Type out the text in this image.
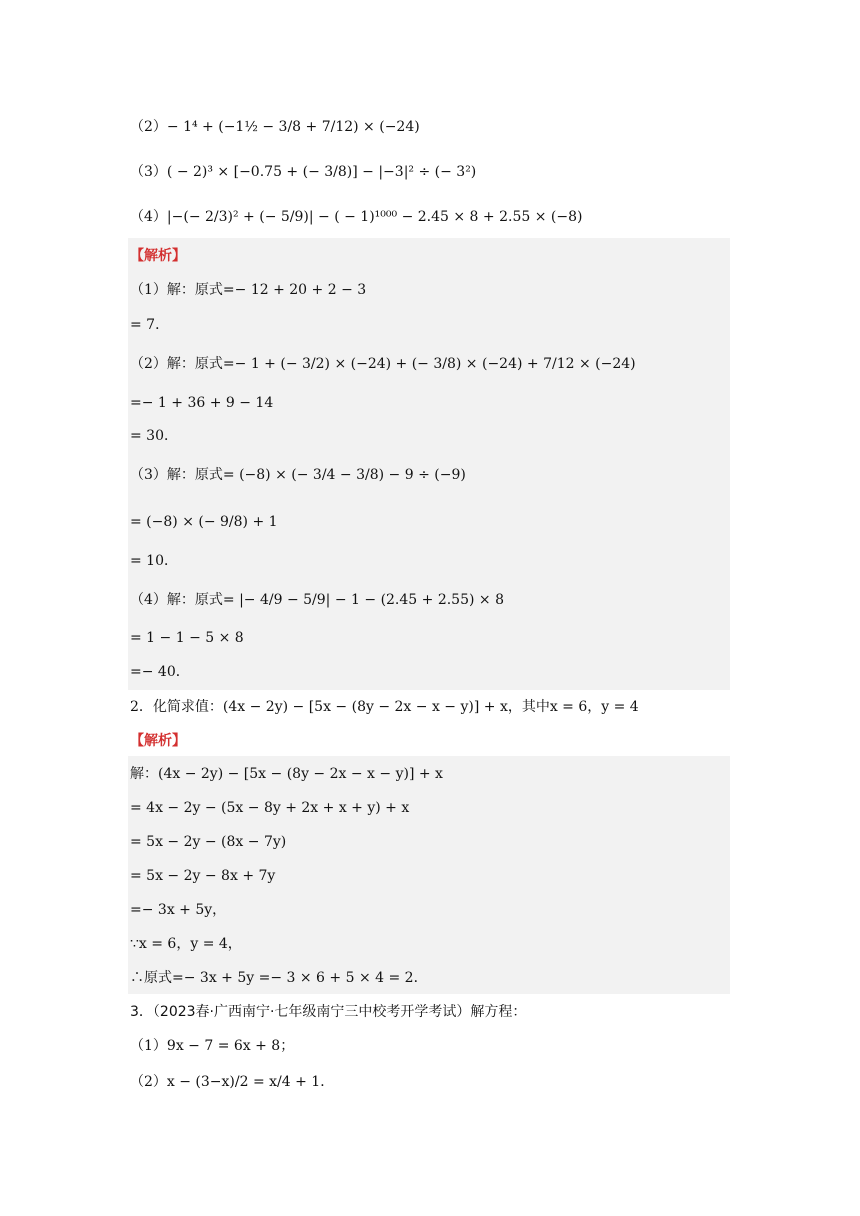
（2）− 1⁴ + (−1½ − 3/8 + 7/12) × (−24)
（3）( − 2)³ × [−0.75 + (− 3/8)] − |−3|² ÷ (− 3²)
（4）|−(− 2/3)² + (− 5/9)| − ( − 1)¹⁰⁰⁰ − 2.45 × 8 + 2.55 × (−8)
【解析】
（1）解：原式=− 12 + 20 + 2 − 3
= 7．
（2）解：原式=− 1 + (− 3/2) × (−24) + (− 3/8) × (−24) + 7/12 × (−24)
=− 1 + 36 + 9 − 14
= 30．
（3）解：原式= (−8) × (− 3/4 − 3/8) − 9 ÷ (−9)
= (−8) × (− 9/8) + 1
= 10．
（4）解：原式= |− 4/9 − 5/9| − 1 − (2.45 + 2.55) × 8
= 1 − 1 − 5 × 8
=− 40．
2．化简求值：(4x − 2y) − [5x − (8y − 2x − x − y)] + x，其中x = 6，y = 4
【解析】
解：(4x − 2y) − [5x − (8y − 2x − x − y)] + x
= 4x − 2y − (5x − 8y + 2x + x + y) + x
= 5x − 2y − (8x − 7y)
= 5x − 2y − 8x + 7y
=− 3x + 5y，
∵x = 6，y = 4，
∴原式=− 3x + 5y =− 3 × 6 + 5 × 4 = 2．
3．（2023春·广西南宁·七年级南宁三中校考开学考试）解方程：
（1）9x − 7 = 6x + 8；
（2）x − (3−x)/2 = x/4 + 1．
